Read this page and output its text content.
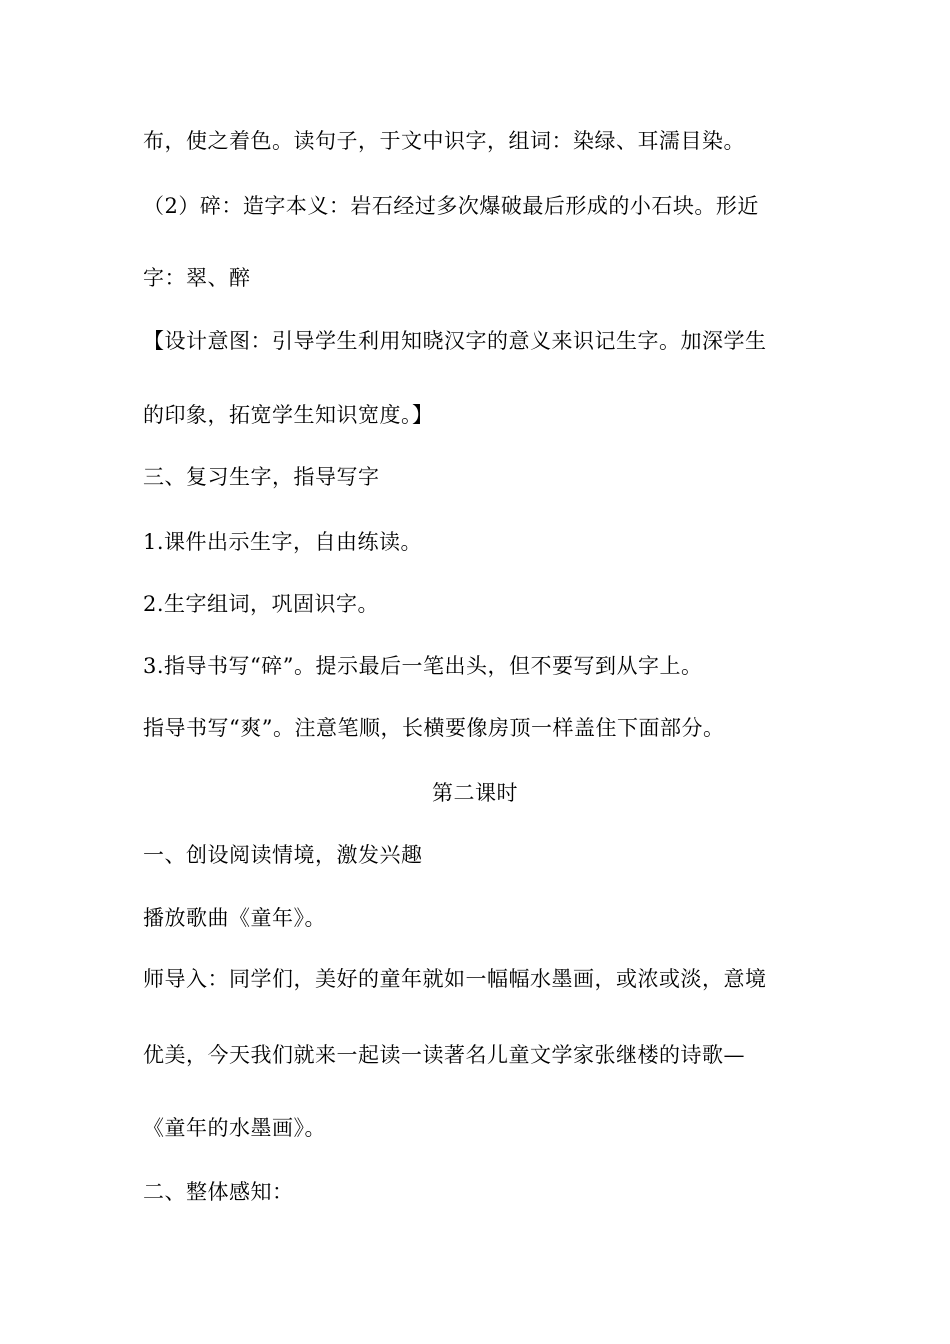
布，使之着色。读句子，于文中识字，组词：染绿、耳濡目染。
（2）碎：造字本义：岩石经过多次爆破最后形成的小石块。形近
字：翠、醉
【设计意图：引导学生利用知晓汉字的意义来识记生字。加深学生
的印象，拓宽学生知识宽度。】
三、复习生字，指导写字
1.课件出示生字，自由练读。
2.生字组词，巩固识字。
3.指导书写“碎”。提示最后一笔出头，但不要写到从字上。
指导书写“爽”。注意笔顺，长横要像房顶一样盖住下面部分。
第二课时
一、创设阅读情境，激发兴趣
播放歌曲《童年》。
师导入：同学们，美好的童年就如一幅幅水墨画，或浓或淡，意境
优美，今天我们就来一起读一读著名儿童文学家张继楼的诗歌—
《童年的水墨画》。
二、整体感知：
